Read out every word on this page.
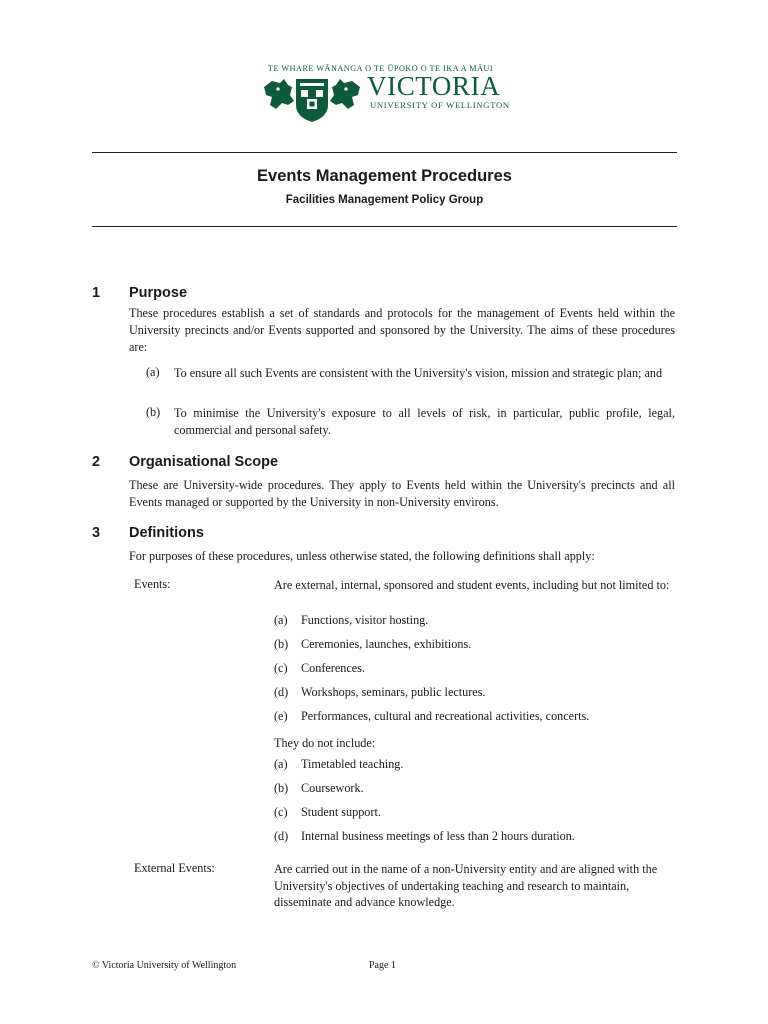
TE WHARE WĀNANGA O TE ŪPOKO O TE IKA A MĀUI
VICTORIA
UNIVERSITY OF WELLINGTON
Events Management Procedures
Facilities Management Policy Group
1 Purpose

These procedures establish a set of standards and protocols for the management of Events held within the University precincts and/or Events supported and sponsored by the University. The aims of these procedures are:

(a) To ensure all such Events are consistent with the University's vision, mission and strategic plan; and
(b) To minimise the University's exposure to all levels of risk, in particular, public profile, legal, commercial and personal safety.
2 Organisational Scope

These are University-wide procedures. They apply to Events held within the University's precincts and all Events managed or supported by the University in non-University environs.

3 Definitions

For purposes of these procedures, unless otherwise stated, the following definitions shall apply:

Events:	Are external, internal, sponsored and student events, including but not limited to:
(a) Functions, visitor hosting.
(b) Ceremonies, launches, exhibitions.
(c) Conferences.
(d) Workshops, seminars, public lectures.
(e) Performances, cultural and recreational activities, concerts.
They do not include:
(a) Timetabled teaching.
(b) Coursework.
(c) Student support.
(d) Internal business meetings of less than 2 hours duration.
External Events:	Are carried out in the name of a non-University entity and are aligned with the University's objectives of undertaking teaching and research to maintain, disseminate and advance knowledge.
© Victoria University of Wellington	Page 1
